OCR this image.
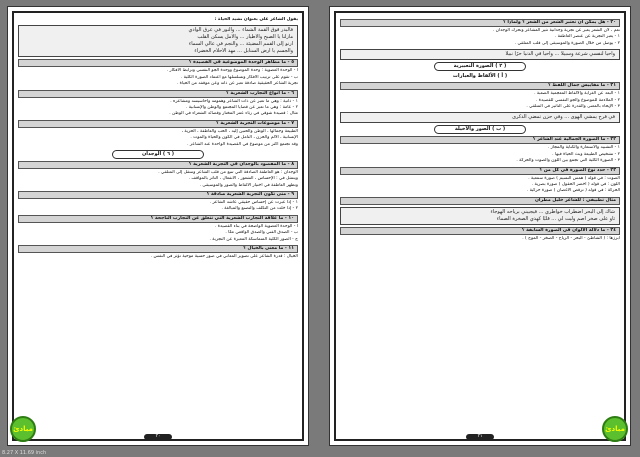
يقول الشاعر علي بعنوان نشيد الحياة :
فالبدر فوق القمة الشماء ... والنور في عرق الوادي
مازلنا يا الصبح والأطيار ... والأمل يسكن القلب
ارنو إلى القمم المضيئة ... والنجم في عالي السماء
والجسم يا أرض السنابل ... مهد الأحلام الخضراء
٥ - ما مظاهر الوحدة الموضوعية في القصيدة ؟
أ - الوحدة العضوية : وحدة الموضوع ووحدة الجو النفسي وترابط الأفكار .
ب - تقوم على ترتيب الأفكار وتسلسلها مع اعتماد الصورة الكلية .
تجربة الشاعر الحقيقية صادقة تعبر عن ذاته وعن موقفه من الحياة .
٦ - ما أنواع التجارب الشعرية ؟
١ - ذاتية : وهي ما تعبر عن ذات الشاعر وهمومه وأحاسيسه ومشاعره .
٢ - عامة : وهي ما تعبر عن قضايا المجتمع والوطن والإنسانية .
مثال : قصيدة شوقي في رثاء عمر المختار وقصائد الشعراء في الوطن .
٧ - ما موضوعات التجربة الشعرية ؟
الطبيعة وجمالها ، الوطن والحنين إليه ، الحب والعاطفة ، الحرية ،
الإنسانية ، الألم والحزن ، التأمل في الكون والحياة والموت .
وقد تجتمع أكثر من موضوع في القصيدة الواحدة عند الشاعر .
( ٦ ) الوجدان
٨ - ما المقصود بالوجدان في التجربة الشعرية ؟
الوجدان : هو العاطفة الصادقة التي تنبع من قلب الشاعر وتنتقل إلى المتلقي .
ويتمثل في : الإحساس ، الشعور ، الانفعال ، التأثر بالمواقف .
وتظهر العاطفة في اختيار الألفاظ والصور والموسيقى .
٩ - متى تكون التجربة الشعرية صادقة ؟
١ - إذا عبرت عن إحساس حقيقي عاشه الشاعر .
٢ - إذا خلت من التكلف والتصنع والمبالغة .
١٠ - ما علاقة التجارب الشعرية التي تتعلق عن التجارب الناجحة ؟
أ - الوحدة العضوية الواضحة في بناء القصيدة .
ب - الصدق الفني والصدق الواقعي معًا .
ج - الصور الكلية المتماسكة المعبرة عن التجربة .
١١ - ما معنى بالخيال ؟
الخيال : قدرة الشاعر على تصوير المعاني في صور حسية موحية تؤثر في النفس .
مبادئ
٣٠
٢٠ - هل يمكن أن نعتبر الشعر من الشعر ؟ ولماذا ؟
نعم ، لأن الشعر يعبر عن تجربة وجدانية تثير المشاعر وتحرك الوجدان .
١ - يعبر التجربة عن عنصر العاطفة .
٢ - يوصل من خلال الصورة والموسيقى إلى قلب المتلقي .
واحيا لنفسي شرعة وسبيلا ... وأحيا في الدنيا حرًا نبيلا
( ٢ ) الصورة التعبيرية
( أ ) الألفاظ والعبارات
٢١ - ما مقاييس جمال اللفظ ؟
١ - البعد عن الغرابة والألفاظ المعجمية الصعبة .
٢ - الملاءمة للموضوع والجو النفسي للقصيدة .
٣ - الإيحاء بالمعنى والقدرة على التأثير في المتلقي .
في فرح يمشي الهوى ... وفي حزن تمضي الذكرى
( ب ) الصور والأخيلة
٢٢ - ما الصورة الجمالية عند الشاعر ؟
١ - التشبيه والاستعارة والكناية والمجاز .
٢ - تشخيص الطبيعة وبث الحياة فيها .
٣ - الصورة الكلية التي تجمع بين اللون والصوت والحركة .
٢٣ - حدد نوع الصورة في كل من ؟
الصوت : في قوله ( همس النسيم ) صورة سمعية .
اللون : في قوله ( أخضر الحقول ) صورة بصرية .
الحركة : في قوله ( ترقص الأغصان ) صورة حركية .
مثال تطبيقي : للشاعر خليل مطران
شاك إلى البحر اضطراب خواطري ... فيجيبني برياحه الهوجاء
ثاو على صخر أصم وليت لي ... قلبًا كهذي الصخرة الصماء
٢٤ - ما دلالة الألوان في الصورة السابقة ؟
أبرزها : ( الشاطئ - البحر - الرياح - الصخر - الموج ) .
مبادئ
٣١
8.27 X 11.69 inch
